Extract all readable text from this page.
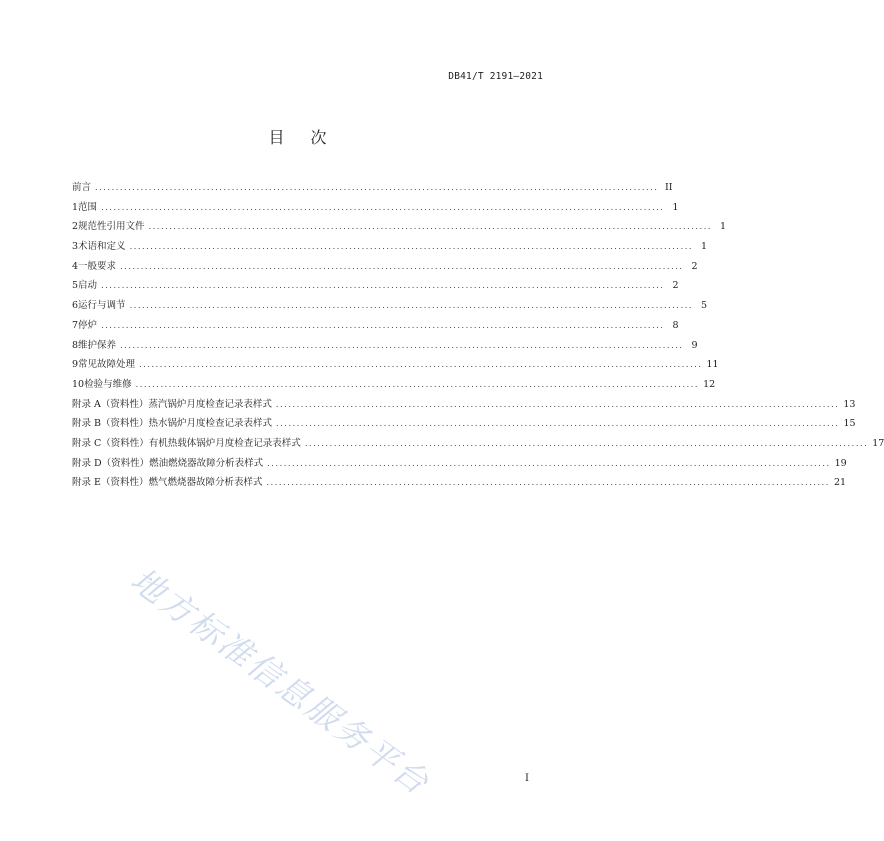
DB41/T 2191—2021
目 次
前言 ........................................................................................................................................ II
1 范围 ........................................................................................................................................ 1
2 规范性引用文件 ........................................................................................................................................ 1
3 术语和定义 ........................................................................................................................................ 1
4 一般要求 ........................................................................................................................................ 2
5 启动 ........................................................................................................................................ 2
6 运行与调节 ........................................................................................................................................ 5
7 停炉 ........................................................................................................................................ 8
8 维护保养 ........................................................................................................................................ 9
9 常见故障处理 ........................................................................................................................................ 11
10 检验与维修 ........................................................................................................................................ 12
附录 A（资料性） 蒸汽锅炉月度检查记录表样式 ........................................................................................................................................ 13
附录 B（资料性） 热水锅炉月度检查记录表样式 ........................................................................................................................................ 15
附录 C（资料性） 有机热载体锅炉月度检查记录表样式 ........................................................................................................................................ 17
附录 D（资料性） 燃油燃烧器故障分析表样式 ........................................................................................................................................ 19
附录 E（资料性） 燃气燃烧器故障分析表样式 ........................................................................................................................................ 21
地方标准信息服务平台	I
